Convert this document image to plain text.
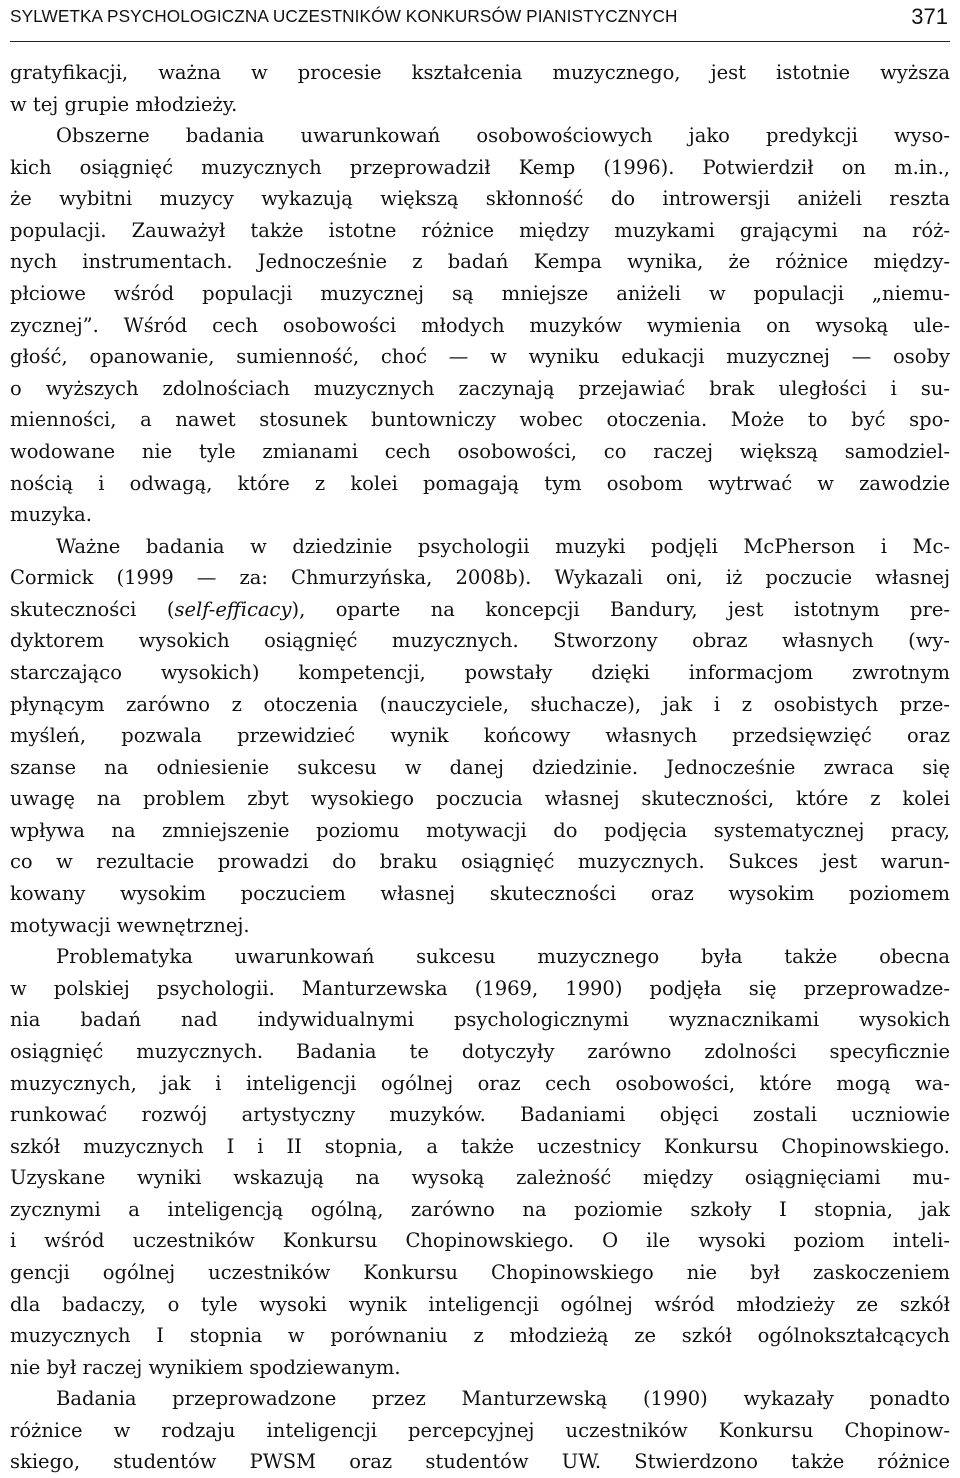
SYLWETKA PSYCHOLOGICZNA UCZESTNIKÓW KONKURSÓW PIANISTYCZNYCH	371
gratyfikacji, ważna w procesie kształcenia muzycznego, jest istotnie wyższa
w tej grupie młodzieży.
Obszerne badania uwarunkowań osobowościowych jako predykcji wyso-
kich osiągnięć muzycznych przeprowadził Kemp (1996). Potwierdził on m.in.,
że wybitni muzycy wykazują większą skłonność do introwersji aniżeli reszta
populacji. Zauważył także istotne różnice między muzykami grającymi na róż-
nych instrumentach. Jednocześnie z badań Kempa wynika, że różnice między-
płciowe wśród populacji muzycznej są mniejsze aniżeli w populacji „niemu-
zycznej”. Wśród cech osobowości młodych muzyków wymienia on wysoką ule-
głość, opanowanie, sumienność, choć — w wyniku edukacji muzycznej — osoby
o wyższych zdolnościach muzycznych zaczynają przejawiać brak uległości i su-
mienności, a nawet stosunek buntowniczy wobec otoczenia. Może to być spo-
wodowane nie tyle zmianami cech osobowości, co raczej większą samodziel-
nością i odwagą, które z kolei pomagają tym osobom wytrwać w zawodzie
muzyka.
Ważne badania w dziedzinie psychologii muzyki podjęli McPherson i Mc-
Cormick (1999 — za: Chmurzyńska, 2008b). Wykazali oni, iż poczucie własnej
skuteczności (self-efficacy), oparte na koncepcji Bandury, jest istotnym pre-
dyktorem wysokich osiągnięć muzycznych. Stworzony obraz własnych (wy-
starczająco wysokich) kompetencji, powstały dzięki informacjom zwrotnym
płynącym zarówno z otoczenia (nauczyciele, słuchacze), jak i z osobistych prze-
myśleń, pozwala przewidzieć wynik końcowy własnych przedsięwzięć oraz
szanse na odniesienie sukcesu w danej dziedzinie. Jednocześnie zwraca się
uwagę na problem zbyt wysokiego poczucia własnej skuteczności, które z kolei
wpływa na zmniejszenie poziomu motywacji do podjęcia systematycznej pracy,
co w rezultacie prowadzi do braku osiągnięć muzycznych. Sukces jest warun-
kowany wysokim poczuciem własnej skuteczności oraz wysokim poziomem
motywacji wewnętrznej.
Problematyka uwarunkowań sukcesu muzycznego była także obecna
w polskiej psychologii. Manturzewska (1969, 1990) podjęła się przeprowadze-
nia badań nad indywidualnymi psychologicznymi wyznacznikami wysokich
osiągnięć muzycznych. Badania te dotyczyły zarówno zdolności specyficznie
muzycznych, jak i inteligencji ogólnej oraz cech osobowości, które mogą wa-
runkować rozwój artystyczny muzyków. Badaniami objęci zostali uczniowie
szkół muzycznych I i II stopnia, a także uczestnicy Konkursu Chopinowskiego.
Uzyskane wyniki wskazują na wysoką zależność między osiągnięciami mu-
zycznymi a inteligencją ogólną, zarówno na poziomie szkoły I stopnia, jak
i wśród uczestników Konkursu Chopinowskiego. O ile wysoki poziom inteli-
gencji ogólnej uczestników Konkursu Chopinowskiego nie był zaskoczeniem
dla badaczy, o tyle wysoki wynik inteligencji ogólnej wśród młodzieży ze szkół
muzycznych I stopnia w porównaniu z młodzieżą ze szkół ogólnokształcących
nie był raczej wynikiem spodziewanym.
Badania przeprowadzone przez Manturzewską (1990) wykazały ponadto
różnice w rodzaju inteligencji percepcyjnej uczestników Konkursu Chopinow-
skiego, studentów PWSM oraz studentów UW. Stwierdzono także różnice
